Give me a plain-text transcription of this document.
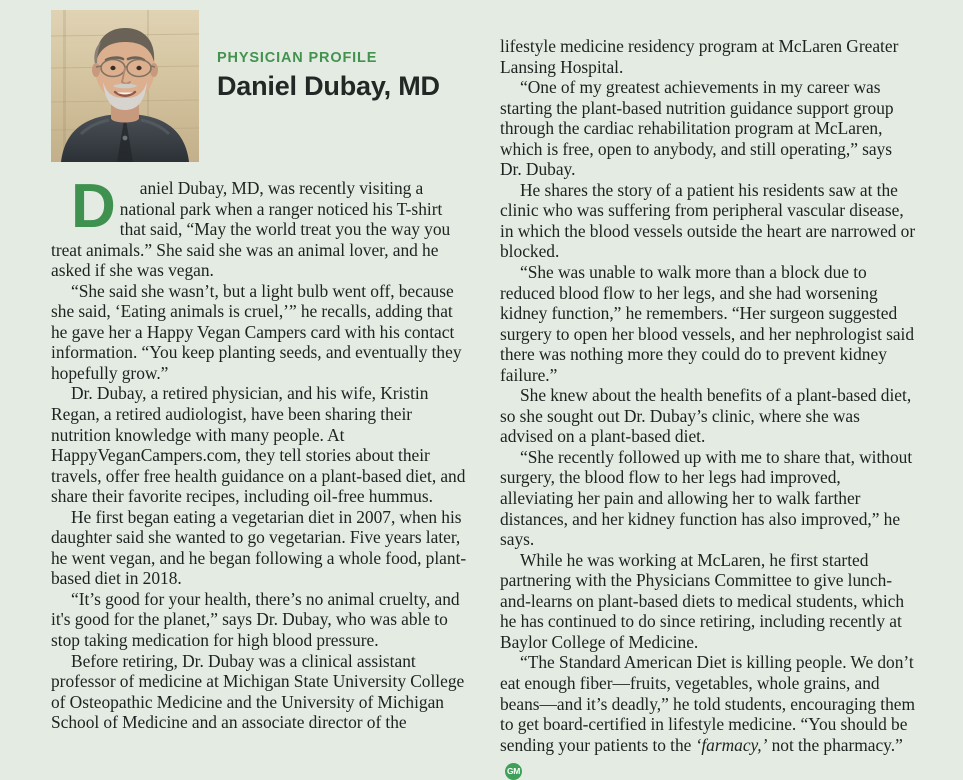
PHYSICIAN PROFILE
Daniel Dubay, MD

D aniel Dubay, MD, was recently visiting a national park when a ranger noticed his T-shirt that said, “May the world treat you the way you treat animals.” She said she was an animal lover, and he asked if she was vegan.

“She said she wasn’t, but a light bulb went off, because she said, ‘Eating animals is cruel,’” he recalls, adding that he gave her a Happy Vegan Campers card with his contact information. “You keep planting seeds, and eventually they hopefully grow.”

Dr. Dubay, a retired physician, and his wife, Kristin Regan, a retired audiologist, have been sharing their nutrition knowledge with many people. At HappyVeganCampers.com, they tell stories about their travels, offer free health guidance on a plant-based diet, and share their favorite recipes, including oil-free hummus.

He first began eating a vegetarian diet in 2007, when his daughter said she wanted to go vegetarian. Five years later, he went vegan, and he began following a whole food, plant-based diet in 2018.

“It’s good for your health, there’s no animal cruelty, and it's good for the planet,” says Dr. Dubay, who was able to stop taking medication for high blood pressure.

Before retiring, Dr. Dubay was a clinical assistant professor of medicine at Michigan State University College of Osteopathic Medicine and the University of Michigan School of Medicine and an associate director of the

lifestyle medicine residency program at McLaren Greater Lansing Hospital.

“One of my greatest achievements in my career was starting the plant-based nutrition guidance support group through the cardiac rehabilitation program at McLaren, which is free, open to anybody, and still operating,” says Dr. Dubay.

He shares the story of a patient his residents saw at the clinic who was suffering from peripheral vascular disease, in which the blood vessels outside the heart are narrowed or blocked.

“She was unable to walk more than a block due to reduced blood flow to her legs, and she had worsening kidney function,” he remembers. “Her surgeon suggested surgery to open her blood vessels, and her nephrologist said there was nothing more they could do to prevent kidney failure.”

She knew about the health benefits of a plant-based diet, so she sought out Dr. Dubay’s clinic, where she was advised on a plant-based diet.

“She recently followed up with me to share that, without surgery, the blood flow to her legs had improved, alleviating her pain and allowing her to walk farther distances, and her kidney function has also improved,” he says.

While he was working at McLaren, he first started partnering with the Physicians Committee to give lunch-and-learns on plant-based diets to medical students, which he has continued to do since retiring, including recently at Baylor College of Medicine.

“The Standard American Diet is killing people. We don’t eat enough fiber—fruits, vegetables, whole grains, and beans—and it’s deadly,” he told students, encouraging them to get board-certified in lifestyle medicine. “You should be sending your patients to the ‘farmacy,’ not the pharmacy.”GM
